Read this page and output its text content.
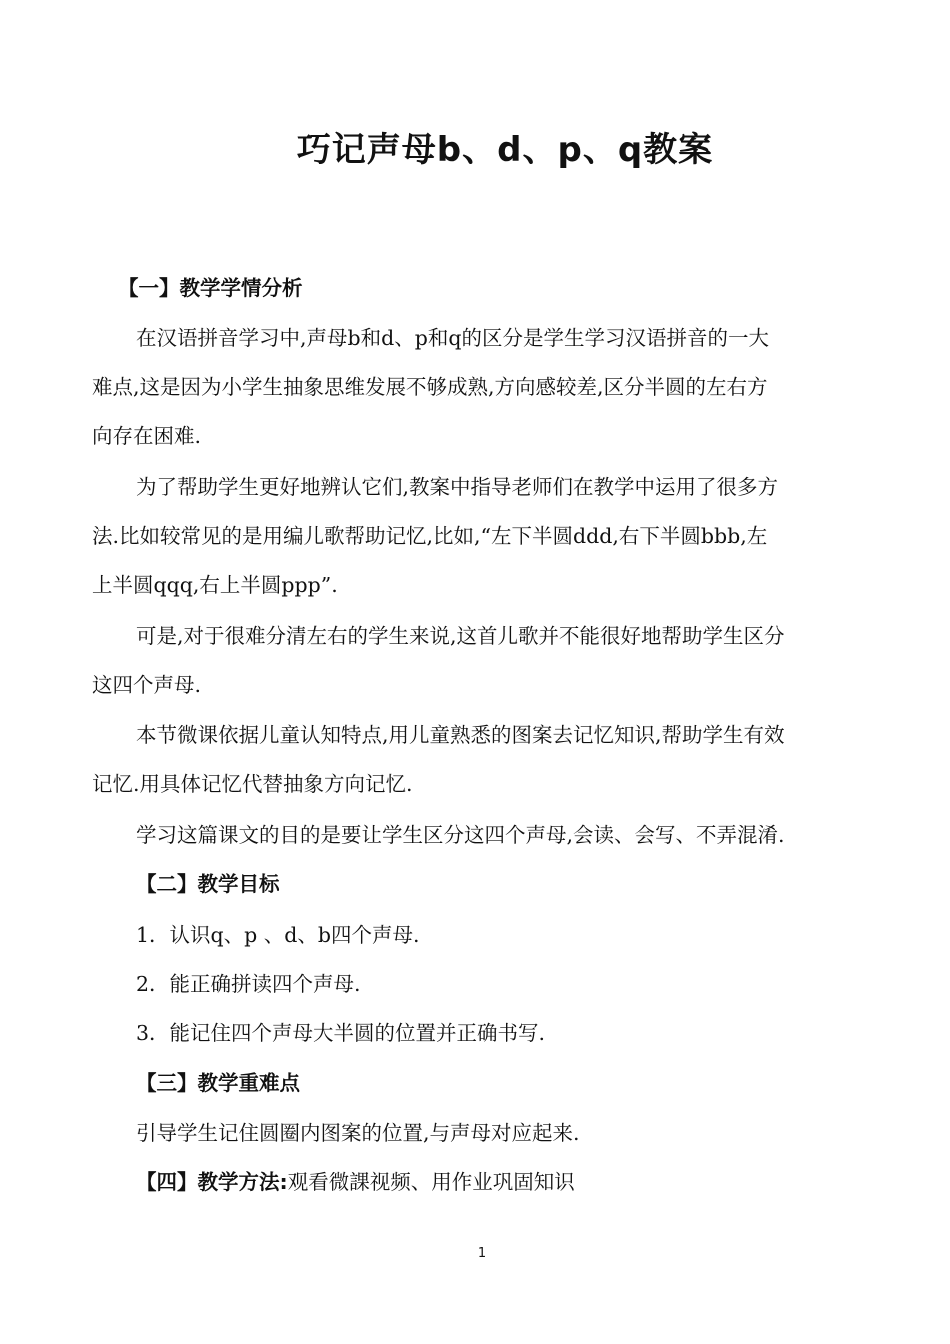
巧记声母b、d、p、q教案
【一】教学学情分析
在汉语拼音学习中,声母b和d、p和q的区分是学生学习汉语拼音的一大
难点,这是因为小学生抽象思维发展不够成熟,方向感较差,区分半圆的左右方
向存在困难.
为了帮助学生更好地辨认它们,教案中指导老师们在教学中运用了很多方
法.比如较常见的是用编儿歌帮助记忆,比如,“左下半圆ddd,右下半圆bbb,左
上半圆qqq,右上半圆ppp”.
可是,对于很难分清左右的学生来说,这首儿歌并不能很好地帮助学生区分
这四个声母.
本节微课依据儿童认知特点,用儿童熟悉的图案去记忆知识,帮助学生有效
记忆.用具体记忆代替抽象方向记忆.
学习这篇课文的目的是要让学生区分这四个声母,会读、会写、不弄混淆.
【二】教学目标
1．认识q、p 、d、b四个声母.
2．能正确拼读四个声母.
3．能记住四个声母大半圆的位置并正确书写.
【三】教学重难点
引导学生记住圆圈内图案的位置,与声母对应起来.
【四】教学方法:观看微課视频、用作业巩固知识
1
